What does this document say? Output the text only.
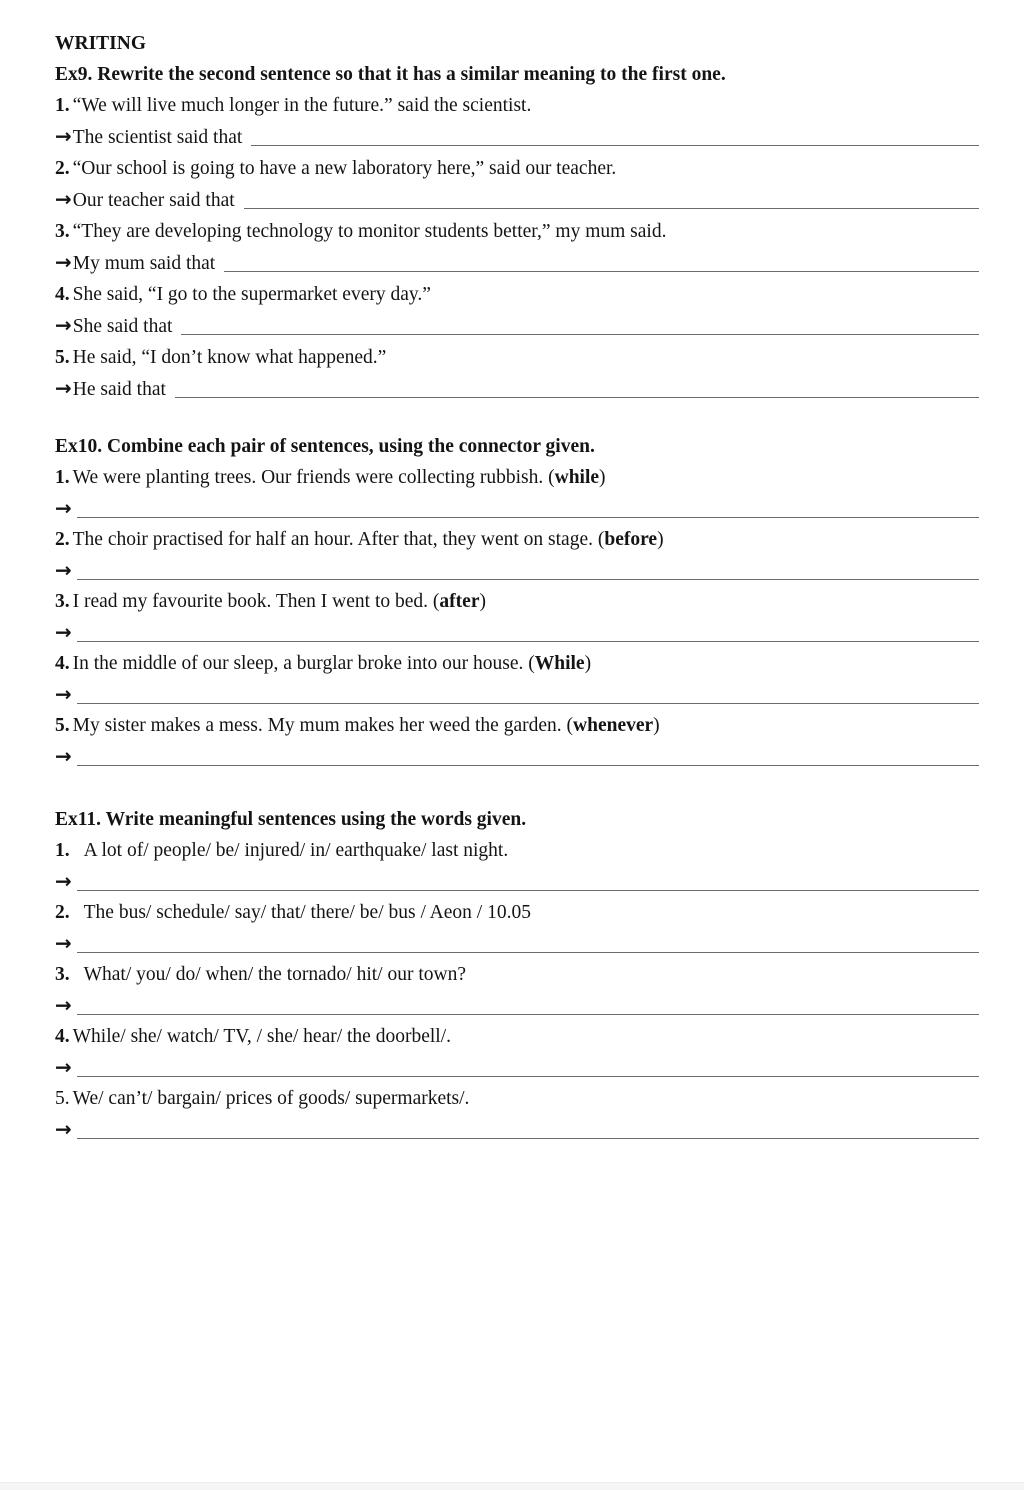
WRITING

Ex9. Rewrite the second sentence so that it has a similar meaning to the first one.

1. “We will live much longer in the future.” said the scientist.

→ The scientist said that

2. “Our school is going to have a new laboratory here,” said our teacher.

→ Our teacher said that

3. “They are developing technology to monitor students better,” my mum said.

→ My mum said that

4. She said, “I go to the supermarket every day.”

→ She said that

5. He said, “I don’t know what happened.”

→ He said that

Ex10. Combine each pair of sentences, using the connector given.

1. We were planting trees. Our friends were collecting rubbish. (while)

→

2. The choir practised for half an hour. After that, they went on stage. (before)

→

3. I read my favourite book. Then I went to bed. (after)

→

4. In the middle of our sleep, a burglar broke into our house. (While)

→

5. My sister makes a mess. My mum makes her weed the garden. (whenever)

→

Ex11. Write meaningful sentences using the words given.

1. A lot of/ people/ be/ injured/ in/ earthquake/ last night.

→

2. The bus/ schedule/ say/ that/ there/ be/ bus / Aeon / 10.05

→

3. What/ you/ do/ when/ the tornado/ hit/ our town?

→

4. While/ she/ watch/ TV, / she/ hear/ the doorbell/.

→

5. We/ can’t/ bargain/ prices of goods/ supermarkets/.

→
